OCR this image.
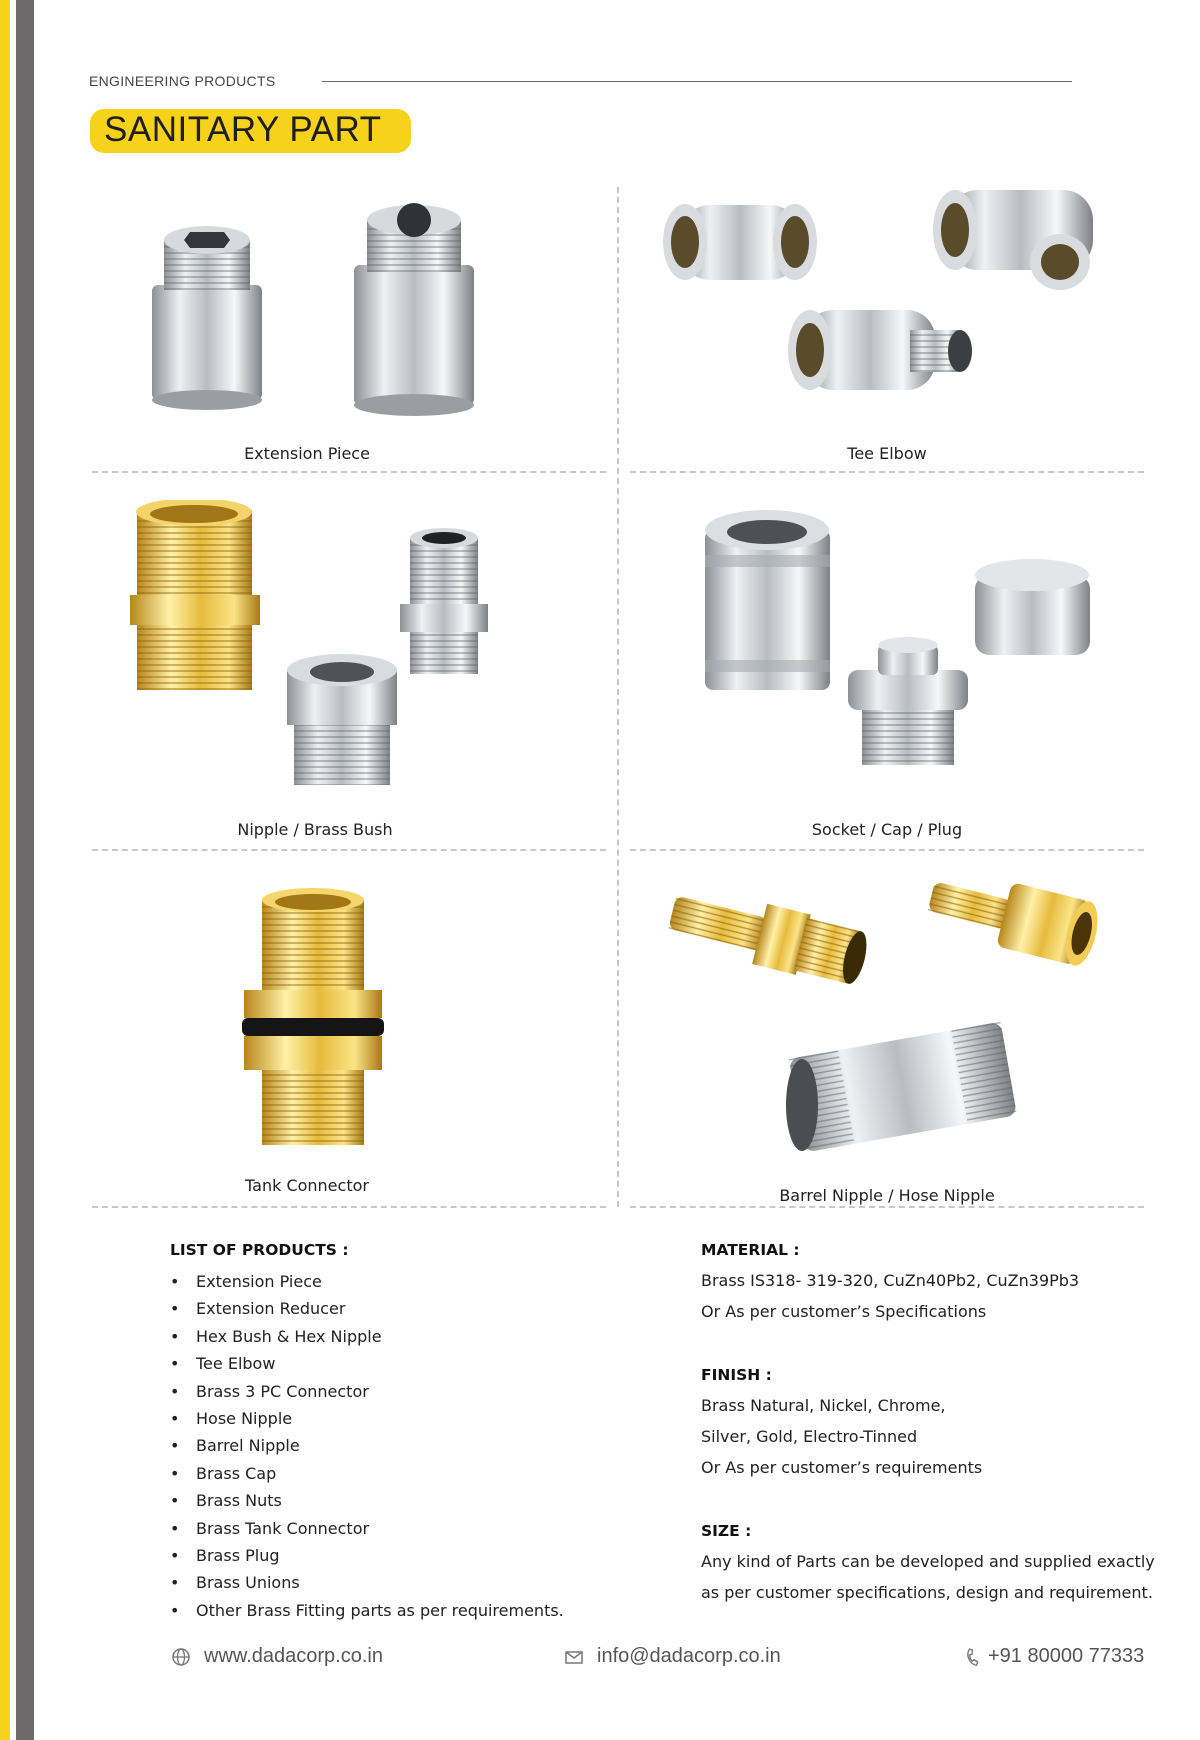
ENGINEERING PRODUCTS
SANITARY PART
Extension Piece	Tee Elbow
Nipple / Brass Bush	Socket / Cap / Plug
Tank Connector
Barrel Nipple / Hose Nipple
LIST OF PRODUCTS :
• Extension Piece
• Extension Reducer
• Hex Bush & Hex Nipple
• Tee Elbow
• Brass 3 PC Connector
• Hose Nipple
• Barrel Nipple
• Brass Cap
• Brass Nuts
• Brass Tank Connector
• Brass Plug
• Brass Unions
• Other Brass Fitting parts as per requirements.
MATERIAL :
Brass IS318- 319-320, CuZn40Pb2, CuZn39Pb3
Or As per customer’s Specifications
FINISH :
Brass Natural, Nickel, Chrome,
Silver, Gold, Electro-Tinned
Or As per customer’s requirements
SIZE :
Any kind of Parts can be developed and supplied exactly
as per customer specifications, design and requirement.
www.dadacorp.co.in	info@dadacorp.co.in	+91 80000 77333
